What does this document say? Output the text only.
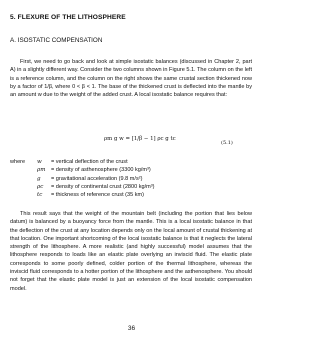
5. FLEXURE OF THE LITHOSPHERE
A. ISOSTATIC COMPENSATION

First, we need to go back and look at simple isostatic balances (discussed in Chapter 2, part A) in a slightly different way. Consider the two columns shown in Figure 5.1. The column on the left is a reference column, and the column on the right shows the same crustal section thickened now by a factor of 1/β, where 0 < β < 1. The base of the thickened crust is deflected into the mantle by an amount w due to the weight of the added crust. A local isostatic balance requires that:

ρm g w = [1/β − 1] ρc g tc
(5.1)
where	w	= vertical deflection of the crust
ρm = density of asthenosphere (3300 kg/m³)
g	= gravitational acceleration (9.8 m/s²)
ρc	= density of continental crust (2800 kg/m³)
tc	= thickness of reference crust (35 km)

This result says that the weight of the mountain belt (including the portion that lies below datum) is balanced by a buoyancy force from the mantle. This is a local isostatic balance in that the deflection of the crust at any location depends only on the local amount of crustal thickening at that location. One important shortcoming of the local isostatic balance is that it neglects the lateral strength of the lithosphere. A more realistic (and highly successful) model assumes that the lithosphere responds to loads like an elastic plate overlying an inviscid fluid. The elastic plate corresponds to some poorly defined, colder portion of the thermal lithosphere, whereas the inviscid fluid corresponds to a hotter portion of the lithosphere and the asthenosphere. You should not forget that the elastic plate model is just an extension of the local isostatic compensation model.

36
